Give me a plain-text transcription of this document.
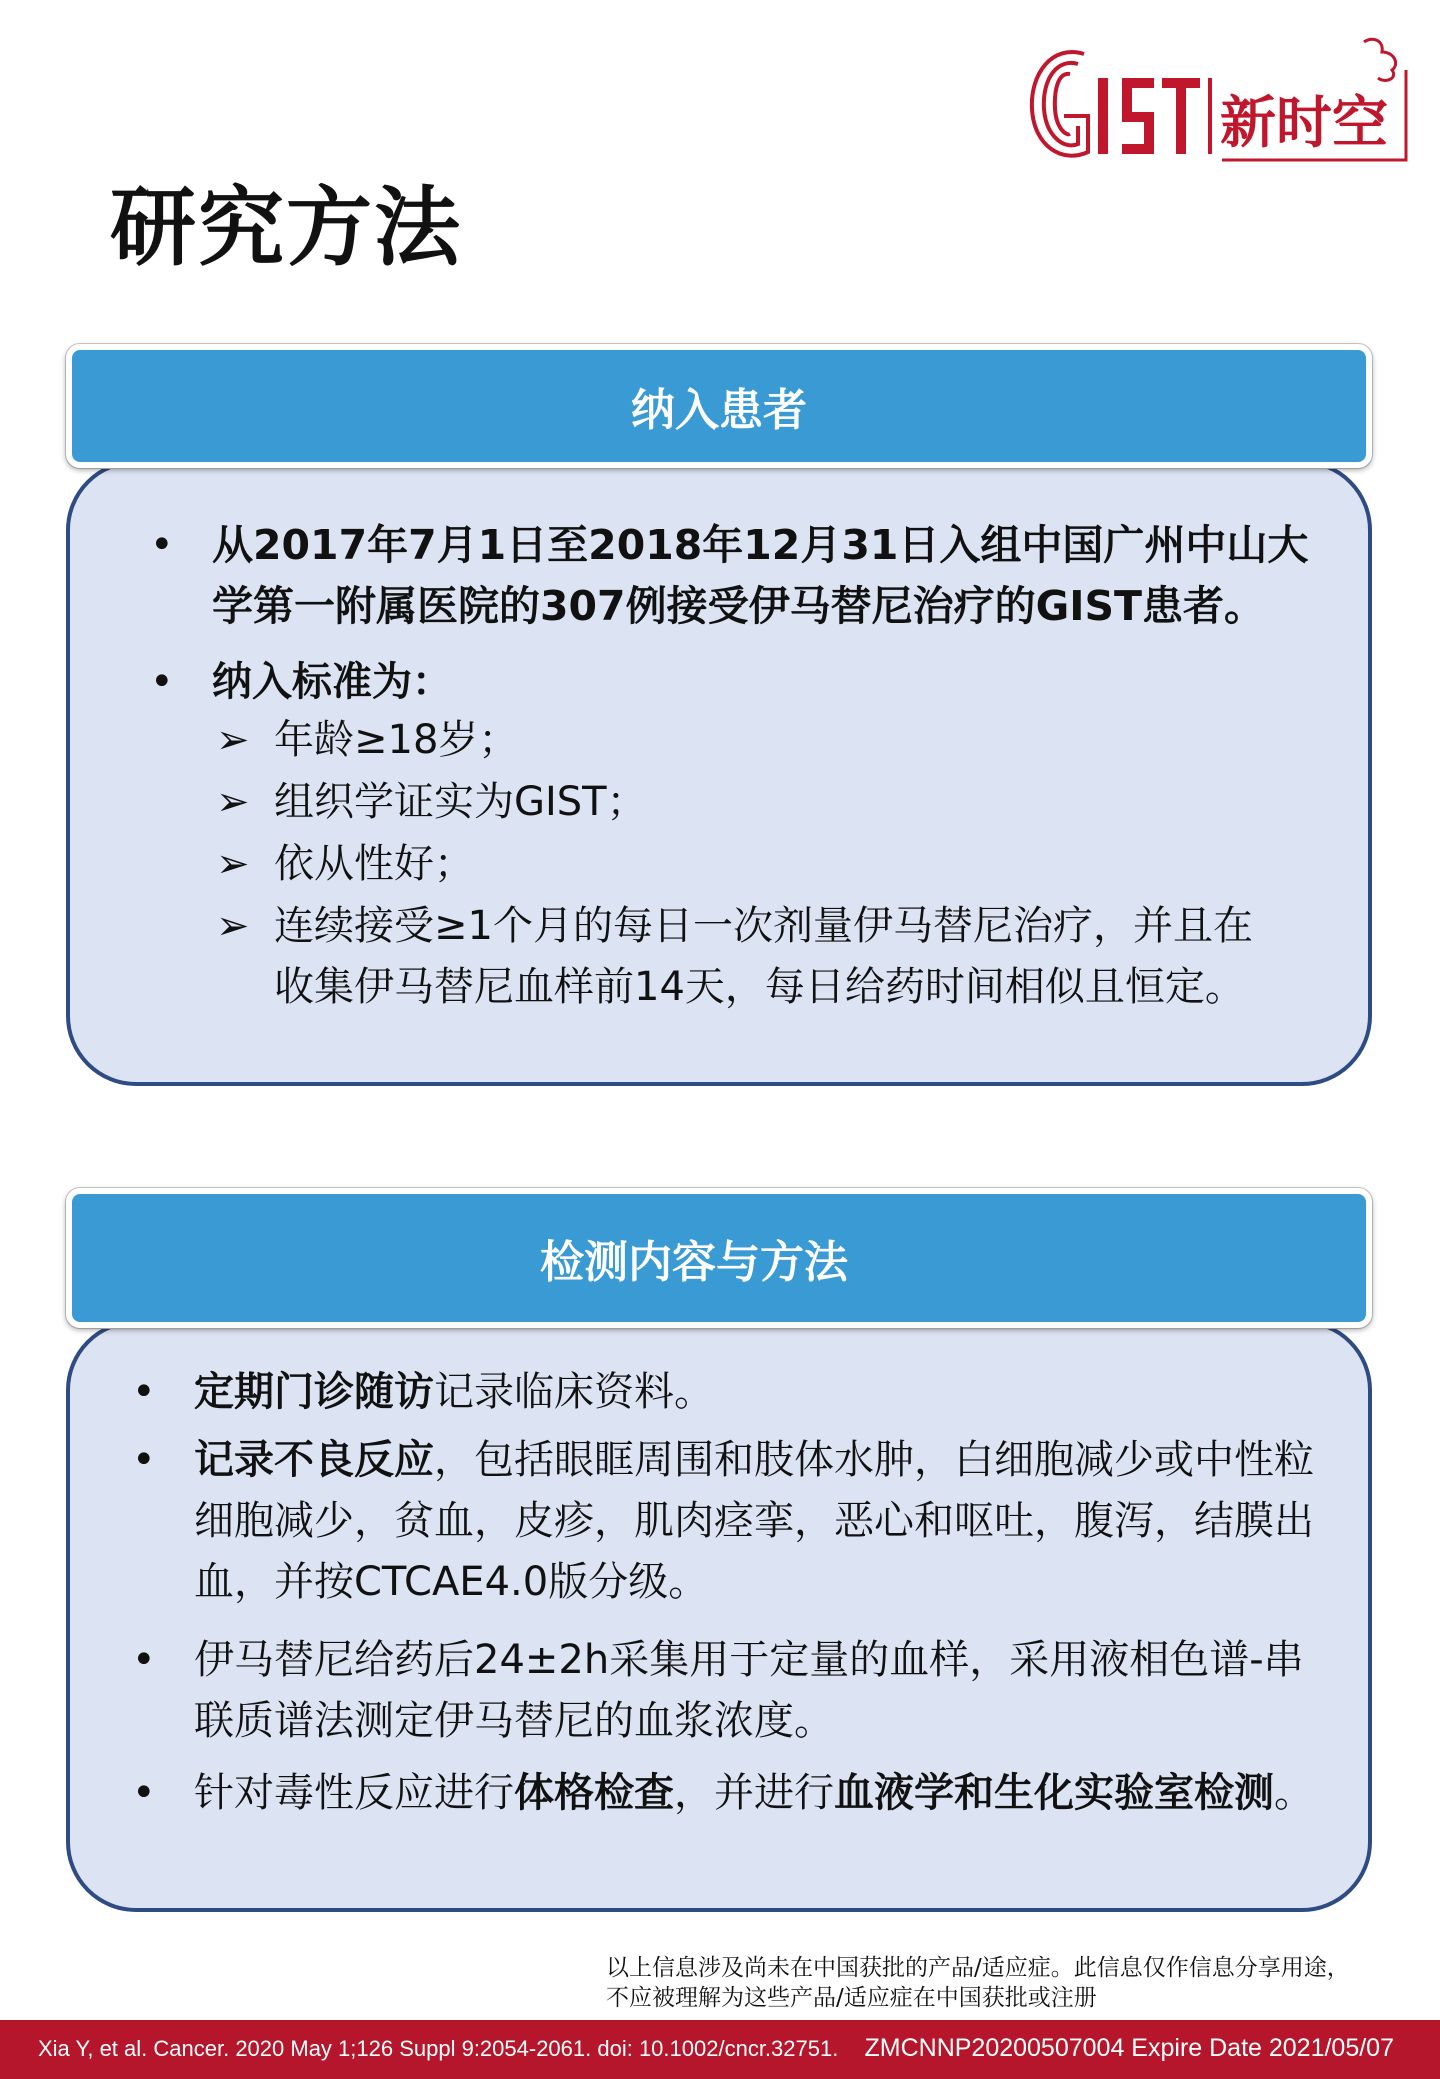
新时空
研究方法
纳入患者
• 从2017年7月1日至2018年12月31日入组中国广州中山大学第一附属医院的307例接受伊马替尼治疗的GIST患者。
• 纳入标准为：
➢ 年龄≥18岁；
➢ 组织学证实为GIST；
➢ 依从性好；
➢ 连续接受≥1个月的每日一次剂量伊马替尼治疗，并且在收集伊马替尼血样前14天，每日给药时间相似且恒定。
检测内容与方法
• 定期门诊随访记录临床资料。
• 记录不良反应，包括眼眶周围和肢体水肿，白细胞减少或中性粒细胞减少，贫血，皮疹，肌肉痉挛，恶心和呕吐，腹泻，结膜出血，并按CTCAE4.0版分级。
• 伊马替尼给药后24±2h采集用于定量的血样，采用液相色谱-串联质谱法测定伊马替尼的血浆浓度。
• 针对毒性反应进行体格检查，并进行血液学和生化实验室检测。
以上信息涉及尚未在中国获批的产品/适应症。此信息仅作信息分享用途，
不应被理解为这些产品/适应症在中国获批或注册
Xia Y, et al. Cancer. 2020 May 1;126 Suppl 9:2054-2061. doi: 10.1002/cncr.32751. ZMCNNP20200507004 Expire Date 2021/05/07
